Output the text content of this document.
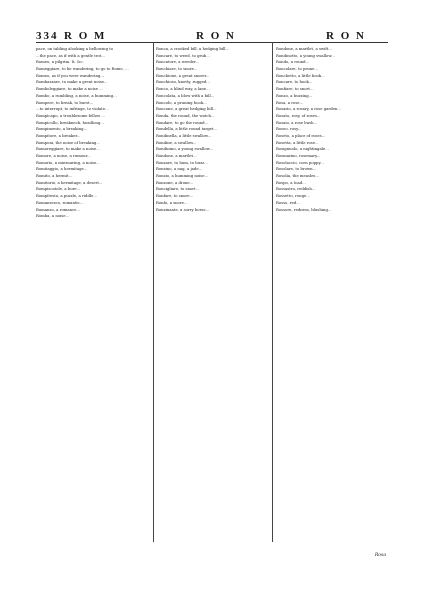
334 R O M	R O N	R O N
pace, on tabling alooking a bellowing to
...the pace, as if with a gentle trot...
Romeo, a pilgrim. It. &c.
Romeggiare, to be wandering, to go to Rome, ...
Romeo, as if you were wandering...
Rombazzare, to make a great noise...
Romboleggiare, to make a noise ...
Rombo, a rumbling, a noise, a humming...
Rompere, to break, to burst...
...to interrupt, to infringe, to violate...
Rompicapo, a troublesome fellow ...
Rompicollo, breakneck, headlong...
Rompimento, a breaking...
Rompitore, a breaker...
Romponi, the noise of breaking...
Romoreggiare, to make a noise...
Romore, a noise, a rumour...
Romorio, a murmuring, a noise...
Romitaggio, a hermitage...
Romito, a hermit...
Romitorio, a hermitage, a desert...
Rompiscatole, a bore...
Rompitesta, a puzzle, a riddle...
Romanzesco, romantic...
Romanzo, a romance...
Romba, a noise...
Ronca, a crooked bill, a hedging bill...
Roncare, to weed, to grub...
Roncatore, a weeder...
Ronchiare, to snore...
Ronchione, a great snorer...
Ronchioso, knotty, rugged...
Ronco, a blind way, a lane...
Roncolata, a blow with a bill...
Roncolo, a pruning hook...
Roncone, a great hedging bill...
Ronda, the round, the watch...
Rondare, to go the round...
Rondella, a little round target...
Rondinella, a little swallow...
Rondine, a swallow...
Rondinino, a young swallow...
Rondone, a martlet...
Ronzare, to hum, to buzz...
Ronzino, a nag, a jade...
Ronzio, a humming noise...
Ronzone, a drone...
Roncigliare, to snort...
Ronfare, to snore...
Ronfo, a snore...
Ronzinante, a sorry horse...
Rondone, a martlet, a swift...
Rondinotto, a young swallow...
Rondo, a round...
Roncolare, to prune...
Ronchetto, a little hook...
Roncare, to hook...
Ronfiare, to snort...
Ronzo, a buzzing...
Rosa, a rose...
Rosario, a rosary, a rose garden...
Rosato, rosy, of roses...
Rosaio, a rose bush...
Roseo, rosy...
Roseto, a place of roses...
Rosetta, a little rose...
Rosignuolo, a nightingale...
Rosmarino, rosemary...
Rosolaccio, corn poppy...
Rosolare, to brown...
Rosolia, the measles...
Rospo, a toad...
Rossastro, reddish...
Rossetto, rouge...
Rosso, red...
Rossore, redness, blushing...
Rosa
